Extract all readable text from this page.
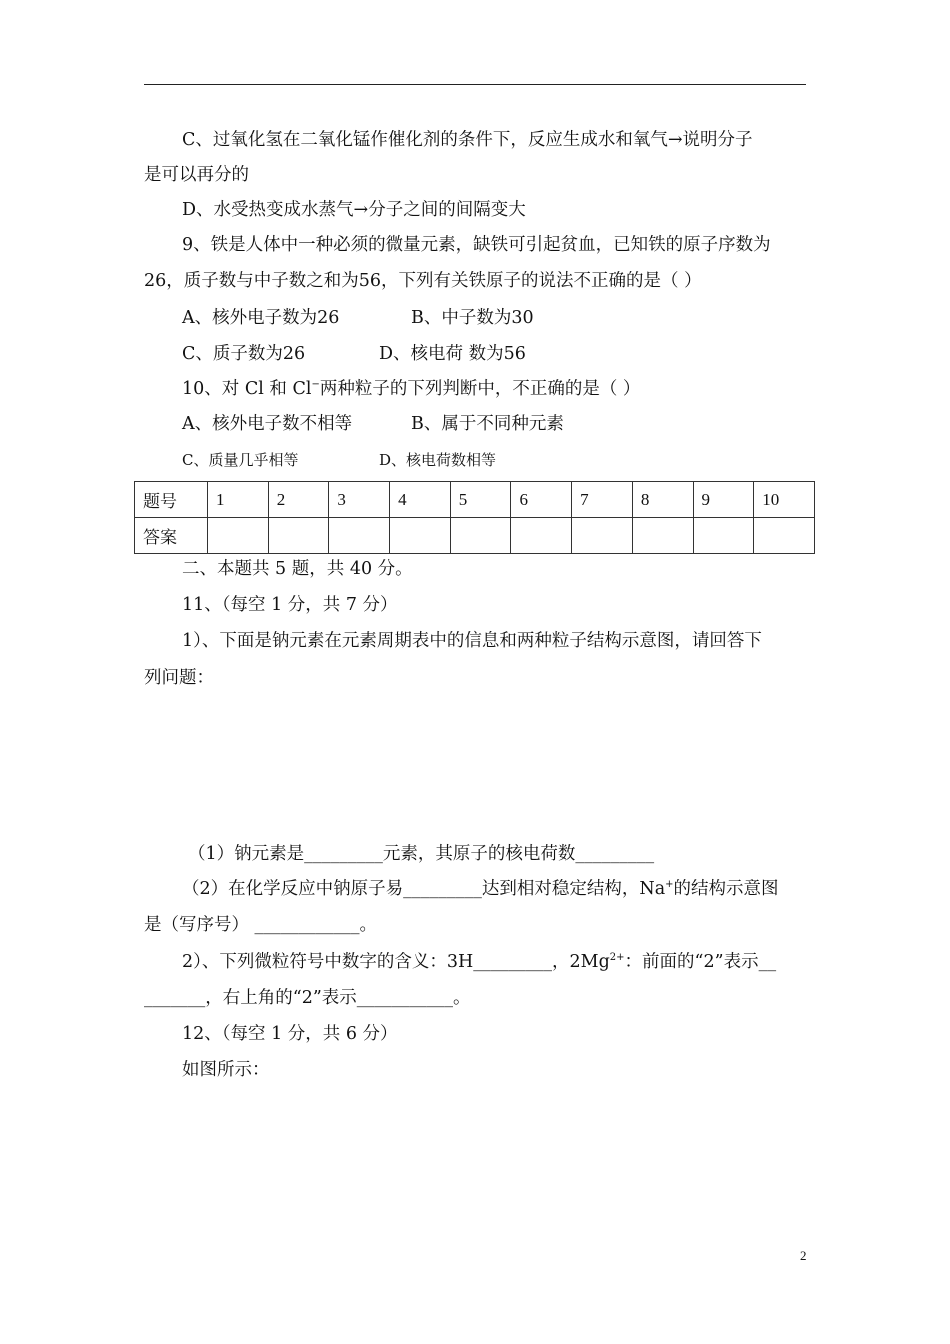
C、过氧化氢在二氧化锰作催化剂的条件下，反应生成水和氧气→说明分子
是可以再分的
D、水受热变成水蒸气→分子之间的间隔变大
9、铁是人体中一种必须的微量元素，缺铁可引起贫血，已知铁的原子序数为
26，质子数与中子数之和为56，下列有关铁原子的说法不正确的是（ ）
A、核外电子数为26	B、中子数为30
C、质子数为26	D、核电荷 数为56
10、对 Cl 和 Cl−两种粒子的下列判断中，不正确的是（ ）
A、核外电子数不相等	B、属于不同种元素
C、质量几乎相等	D、核电荷数相等
题号	1	2	3	4	5	6	7	8	9	10
答案										
二、本题共 5 题，共 40 分。
11、（每空 1 分，共 7 分）
1）、下面是钠元素在元素周期表中的信息和两种粒子结构示意图，请回答下
列问题：
（1）钠元素是_________元素，其原子的核电荷数_________
（2）在化学反应中钠原子易_________达到相对稳定结构，Na+的结构示意图
是（写序号） ____________。
2）、下列微粒符号中数字的含义：3H_________，$2Mg^{2+}$：前面的“2”表示__
_______，右上角的“2”表示___________。
12、（每空 1 分，共 6 分）
如图所示：
2
